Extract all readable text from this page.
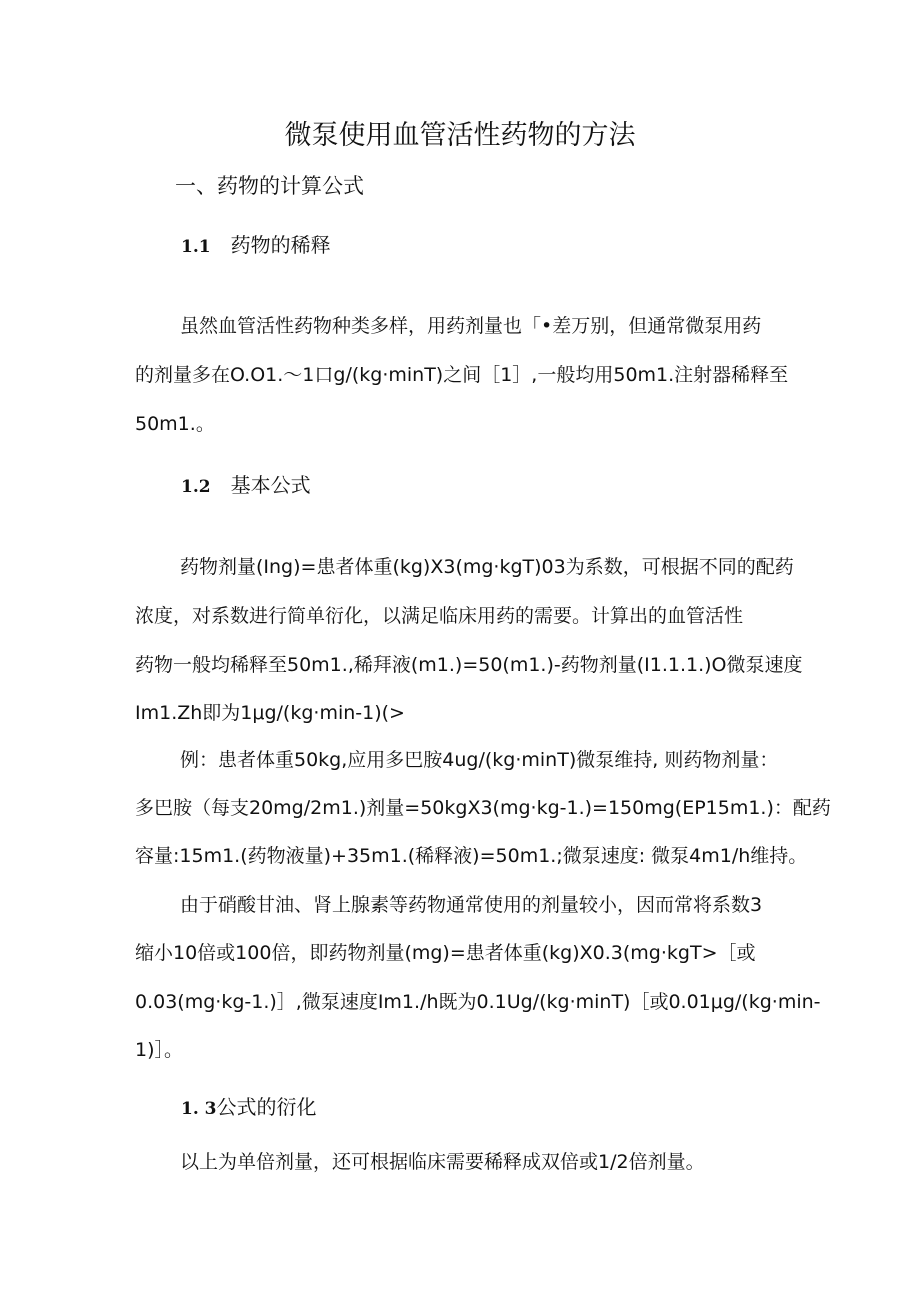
微泵使用血管活性药物的方法
一、药物的计算公式
1.1 药物的稀释

虽然血管活性药物种类多样，用药剂量也「•差万别，但通常微泵用药

的剂量多在O.O1.〜1口g∕(kg·minT)之间［1］,一般均用50m1.注射器稀释至

50m1.。

1.2 基本公式

药物剂量(Ing)=患者体重(kg)X3(mg·kgT)03为系数，可根据不同的配药

浓度，对系数进行简单衍化，以满足临床用药的需要。计算出的血管活性

药物一般均稀释至50m1.,稀拜液(m1.)=50(m1.)-药物剂量(I1.1.1.)O微泵速度

Im1.Zh即为1μg/(kg·min-1)(>

例：患者体重50kg,应用多巴胺4ug∕(kg·minT)微泵维持, 则药物剂量：

多巴胺（每支20mg∕2m1.)剂量=50kgX3(mg·kg-1.)=150mg(EP15m1.)：配药

容量:15m1.(药物液量)+35m1.(稀释液)=50m1.;微泵速度: 微泵4m1∕h维持。

由于硝酸甘油、肾上腺素等药物通常使用的剂量较小，因而常将系数3

缩小10倍或100倍，即药物剂量(mg)=患者体重(kg)X0.3(mg·kgT>［或

0.03(mg·kg-1.)］,微泵速度Im1./h既为0.1Ug∕(kg·minT)［或0.01μg/(kg·min-

1)］。

1. 3公式的衍化

以上为单倍剂量，还可根据临床需要稀释成双倍或1/2倍剂量。
